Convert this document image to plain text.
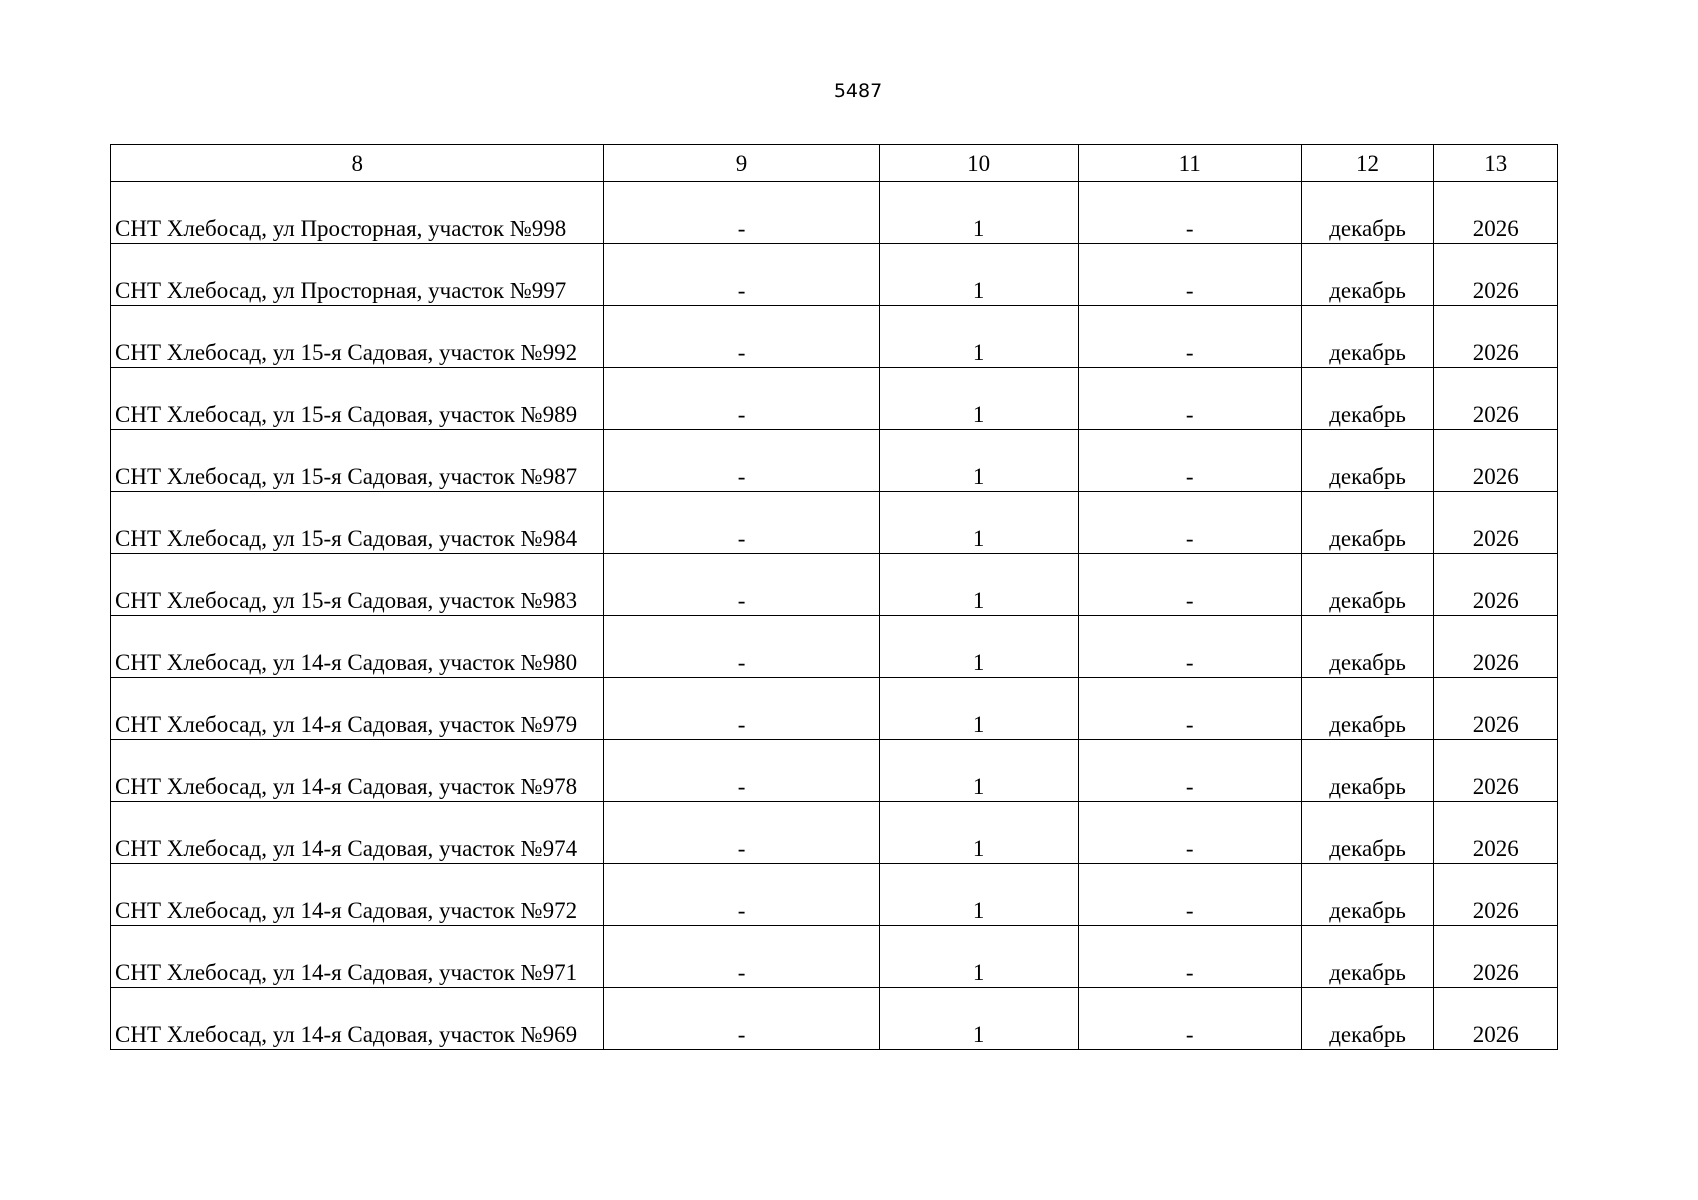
5487
8	9	10	11	12	13
СНТ Хлебосад, ул Просторная, участок №998	-	1	-	декабрь	2026
СНТ Хлебосад, ул Просторная, участок №997	-	1	-	декабрь	2026
СНТ Хлебосад, ул 15-я Садовая, участок №992	-	1	-	декабрь	2026
СНТ Хлебосад, ул 15-я Садовая, участок №989	-	1	-	декабрь	2026
СНТ Хлебосад, ул 15-я Садовая, участок №987	-	1	-	декабрь	2026
СНТ Хлебосад, ул 15-я Садовая, участок №984	-	1	-	декабрь	2026
СНТ Хлебосад, ул 15-я Садовая, участок №983	-	1	-	декабрь	2026
СНТ Хлебосад, ул 14-я Садовая, участок №980	-	1	-	декабрь	2026
СНТ Хлебосад, ул 14-я Садовая, участок №979	-	1	-	декабрь	2026
СНТ Хлебосад, ул 14-я Садовая, участок №978	-	1	-	декабрь	2026
СНТ Хлебосад, ул 14-я Садовая, участок №974	-	1	-	декабрь	2026
СНТ Хлебосад, ул 14-я Садовая, участок №972	-	1	-	декабрь	2026
СНТ Хлебосад, ул 14-я Садовая, участок №971	-	1	-	декабрь	2026
СНТ Хлебосад, ул 14-я Садовая, участок №969	-	1	-	декабрь	2026
